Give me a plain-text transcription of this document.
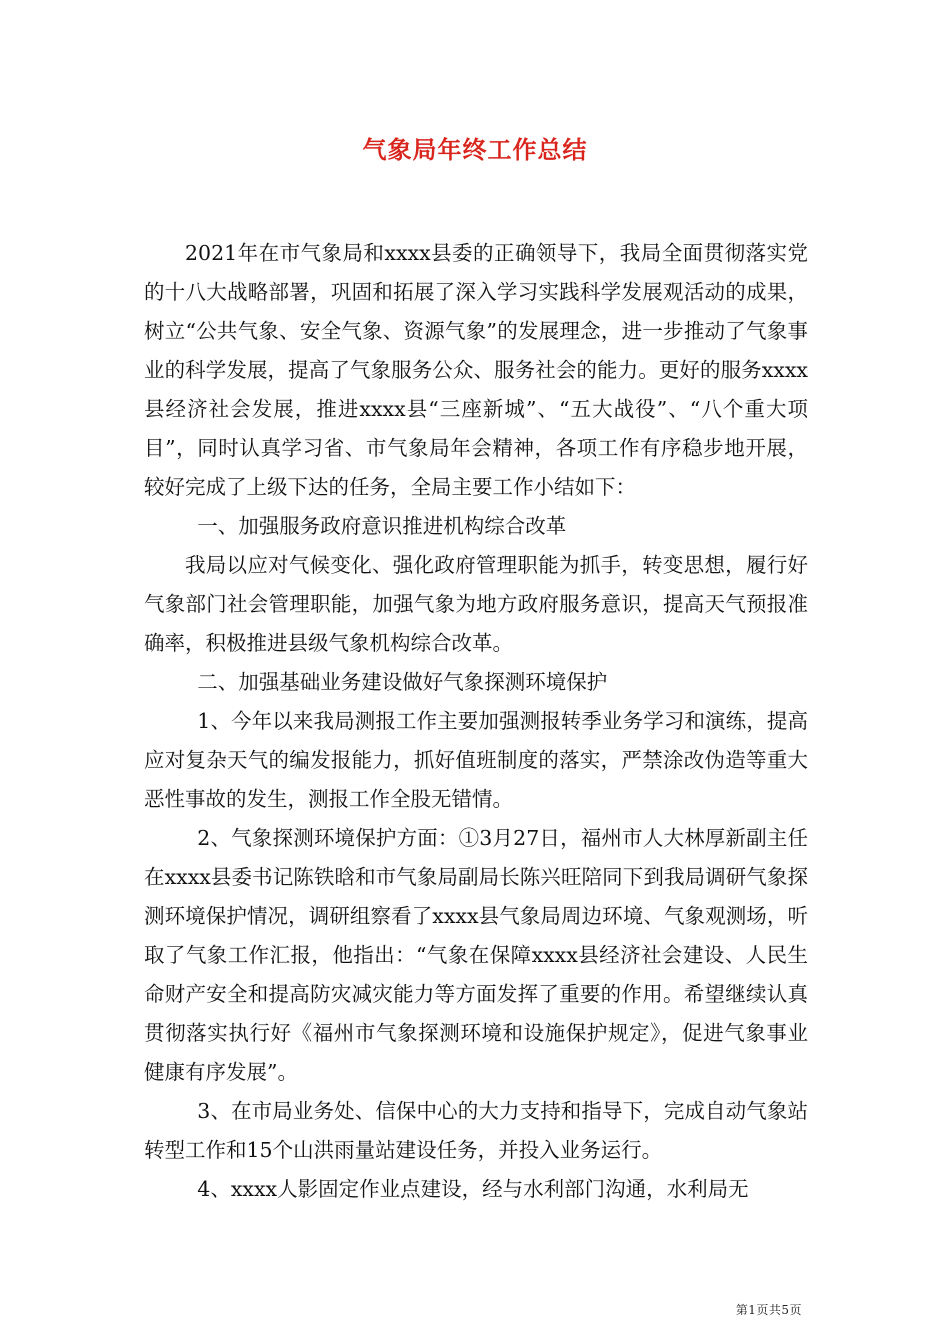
气象局年终工作总结

2021年在市气象局和xxxx县委的正确领导下，我局全面贯彻落实党的十八大战略部署，巩固和拓展了深入学习实践科学发展观活动的成果，树立“公共气象、安全气象、资源气象”的发展理念，进一步推动了气象事业的科学发展，提高了气象服务公众、服务社会的能力。更好的服务xxxx县经济社会发展，推进xxxx县“三座新城”、“五大战役”、“八个重大项目”，同时认真学习省、市气象局年会精神，各项工作有序稳步地开展，较好完成了上级下达的任务，全局主要工作小结如下：

一、加强服务政府意识推进机构综合改革

我局以应对气候变化、强化政府管理职能为抓手，转变思想，履行好气象部门社会管理职能，加强气象为地方政府服务意识，提高天气预报准确率，积极推进县级气象机构综合改革。

二、加强基础业务建设做好气象探测环境保护

1、今年以来我局测报工作主要加强测报转季业务学习和演练，提高应对复杂天气的编发报能力，抓好值班制度的落实，严禁涂改伪造等重大恶性事故的发生，测报工作全股无错情。

2、气象探测环境保护方面：①3月27日，福州市人大林厚新副主任在xxxx县委书记陈铁晗和市气象局副局长陈兴旺陪同下到我局调研气象探测环境保护情况，调研组察看了xxxx县气象局周边环境、气象观测场，听取了气象工作汇报，他指出：“气象在保障xxxx县经济社会建设、人民生命财产安全和提高防灾减灾能力等方面发挥了重要的作用。希望继续认真贯彻落实执行好《福州市气象探测环境和设施保护规定》，促进气象事业健康有序发展”。

3、在市局业务处、信保中心的大力支持和指导下，完成自动气象站转型工作和15个山洪雨量站建设任务，并投入业务运行。

4、xxxx人影固定作业点建设，经与水利部门沟通，水利局无

第1页共5页
